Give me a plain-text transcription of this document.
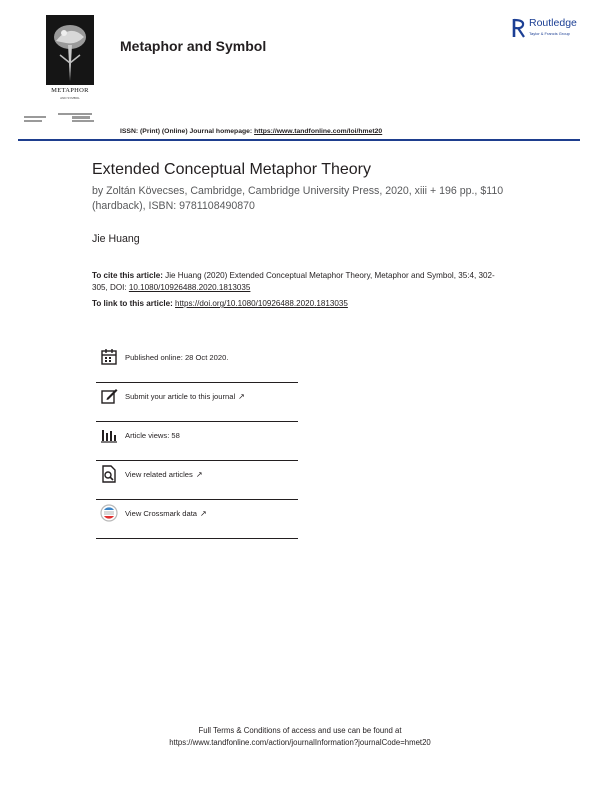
METAPHOR
AND SYMBOL
Metaphor and Symbol
Routledge
Taylor & Francis Group
ISSN: (Print) (Online) Journal homepage: https://www.tandfonline.com/loi/hmet20
Extended Conceptual Metaphor Theory
by Zoltán Kövecses, Cambridge, Cambridge University Press, 2020, xiii + 196 pp., $110 (hardback), ISBN: 9781108490870
Jie Huang
To cite this article: Jie Huang (2020) Extended Conceptual Metaphor Theory, Metaphor and Symbol, 35:4, 302-305, DOI: 10.1080/10926488.2020.1813035
To link to this article: https://doi.org/10.1080/10926488.2020.1813035
Published online: 28 Oct 2020.
Submit your article to this journal ↗
Article views: 58
View related articles ↗
View Crossmark data ↗
Full Terms & Conditions of access and use can be found at
https://www.tandfonline.com/action/journalInformation?journalCode=hmet20
